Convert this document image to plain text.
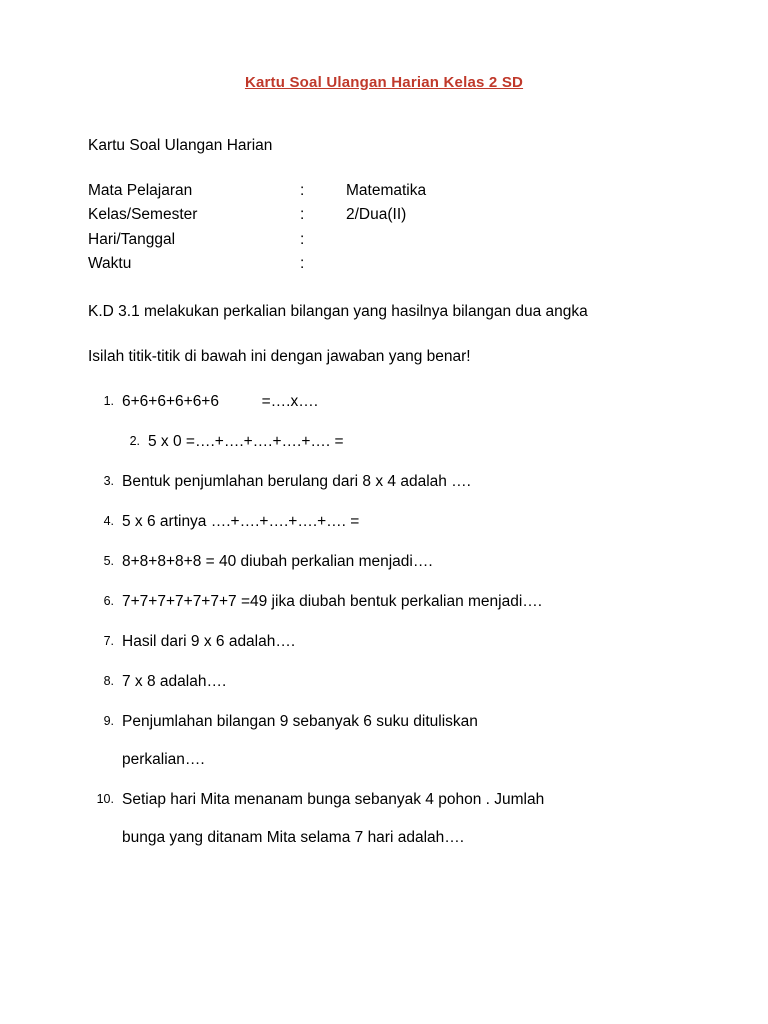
Kartu Soal Ulangan Harian Kelas 2 SD
Kartu Soal Ulangan Harian
Mata Pelajaran	:	Matematika
Kelas/Semester	:	2/Dua(II)
Hari/Tanggal	:
Waktu	:
K.D 3.1 melakukan perkalian bilangan yang hasilnya bilangan dua angka
Isilah titik-titik di bawah ini dengan jawaban yang benar!
1. 6+6+6+6+6+6	=….x….
2. 5 x 0 =….+….+….+….+…. =
3. Bentuk penjumlahan berulang dari 8 x 4 adalah ….
4. 5 x 6 artinya ….+….+….+….+…. =
5. 8+8+8+8+8 = 40 diubah perkalian menjadi….
6. 7+7+7+7+7+7+7 =49 jika diubah bentuk perkalian menjadi….
7. Hasil dari 9 x 6 adalah….
8. 7 x 8 adalah….
9. Penjumlahan bilangan 9 sebanyak 6 suku dituliskan
perkalian….
10. Setiap hari Mita menanam bunga sebanyak 4 pohon . Jumlah
bunga yang ditanam Mita selama 7 hari adalah….
